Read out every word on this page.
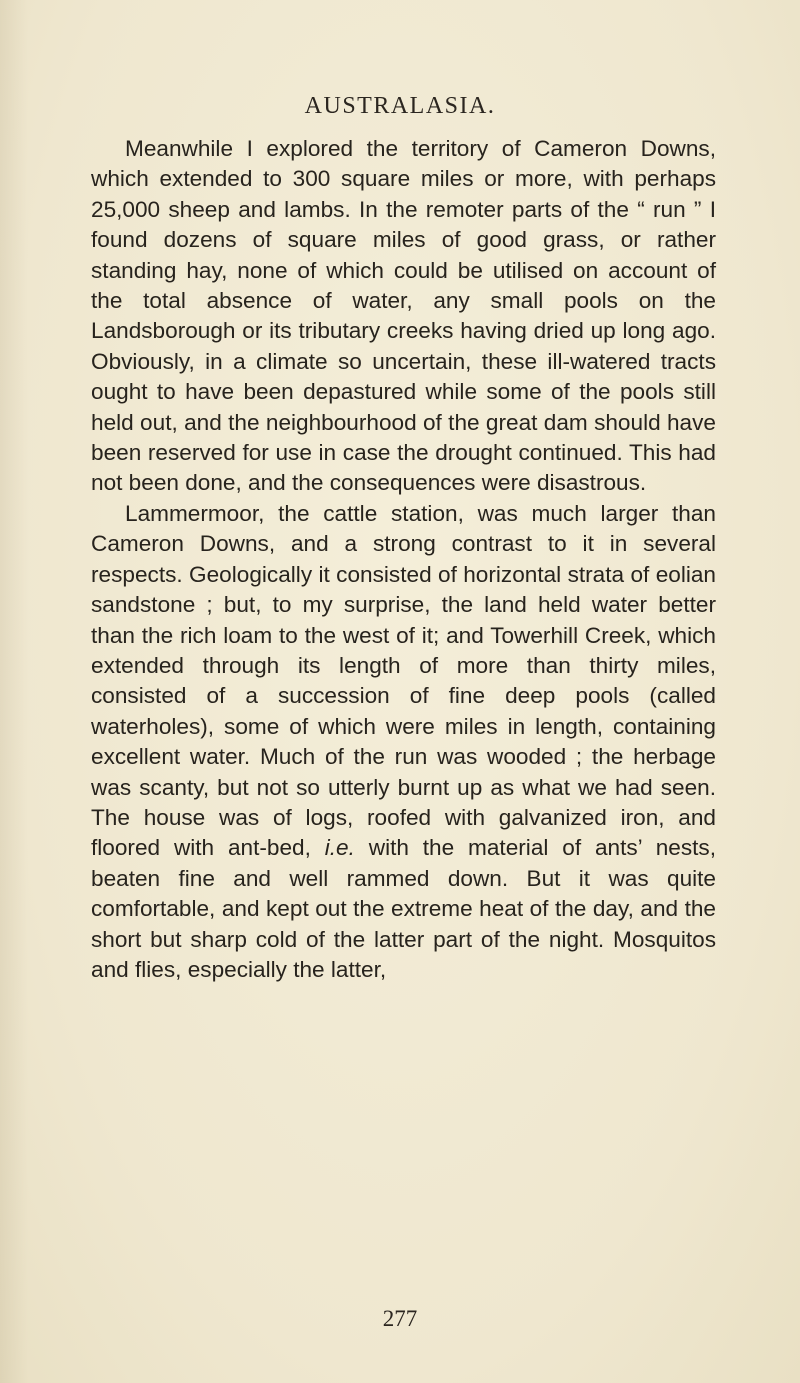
AUSTRALASIA.

Meanwhile I explored the territory of Cameron Downs, which extended to 300 square miles or more, with perhaps 25,000 sheep and lambs. In the remoter parts of the “ run ” I found dozens of square miles of good grass, or rather standing hay, none of which could be utilised on account of the total absence of water, any small pools on the Landsborough or its tributary creeks having dried up long ago. Obviously, in a climate so uncertain, these ill-watered tracts ought to have been depastured while some of the pools still held out, and the neighbourhood of the great dam should have been reserved for use in case the drought continued. This had not been done, and the consequences were disastrous.

Lammermoor, the cattle station, was much larger than Cameron Downs, and a strong contrast to it in several respects. Geologically it consisted of horizontal strata of eolian sandstone ; but, to my surprise, the land held water better than the rich loam to the west of it; and Towerhill Creek, which extended through its length of more than thirty miles, consisted of a succession of fine deep pools (called waterholes), some of which were miles in length, containing excellent water. Much of the run was wooded ; the herbage was scanty, but not so utterly burnt up as what we had seen. The house was of logs, roofed with galvanized iron, and floored with ant-bed, i.e. with the material of ants’ nests, beaten fine and well rammed down. But it was quite comfortable, and kept out the extreme heat of the day, and the short but sharp cold of the latter part of the night. Mosquitos and flies, especially the latter,

277
